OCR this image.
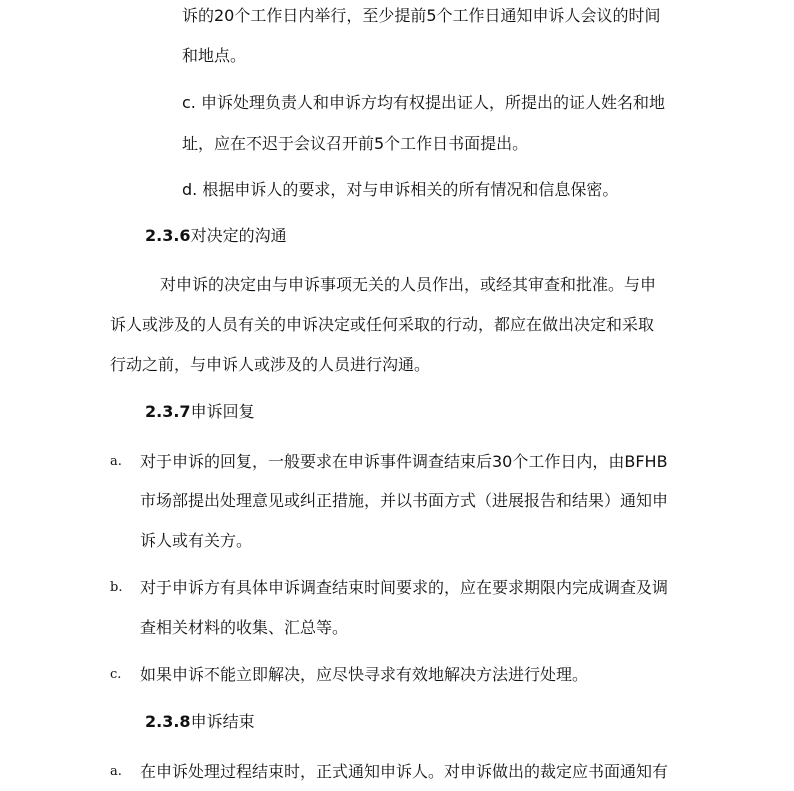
诉的20个工作日内举行，至少提前5个工作日通知申诉人会议的时间
和地点。
c. 申诉处理负责人和申诉方均有权提出证人，所提出的证人姓名和地
址，应在不迟于会议召开前5个工作日书面提出。
d. 根据申诉人的要求，对与申诉相关的所有情况和信息保密。
2.3.6对决定的沟通
对申诉的决定由与申诉事项无关的人员作出，或经其审查和批准。与申
诉人或涉及的人员有关的申诉决定或任何采取的行动，都应在做出决定和采取
行动之前，与申诉人或涉及的人员进行沟通。
2.3.7申诉回复
a. 对于申诉的回复，一般要求在申诉事件调查结束后30个工作日内，由BFHB
市场部提出处理意见或纠正措施，并以书面方式（进展报告和结果）通知申
诉人或有关方。
b. 对于申诉方有具体申诉调查结束时间要求的，应在要求期限内完成调查及调
查相关材料的收集、汇总等。
c. 如果申诉不能立即解决，应尽快寻求有效地解决方法进行处理。
2.3.8申诉结束
a. 在申诉处理过程结束时，正式通知申诉人。对申诉做出的裁定应书面通知有
